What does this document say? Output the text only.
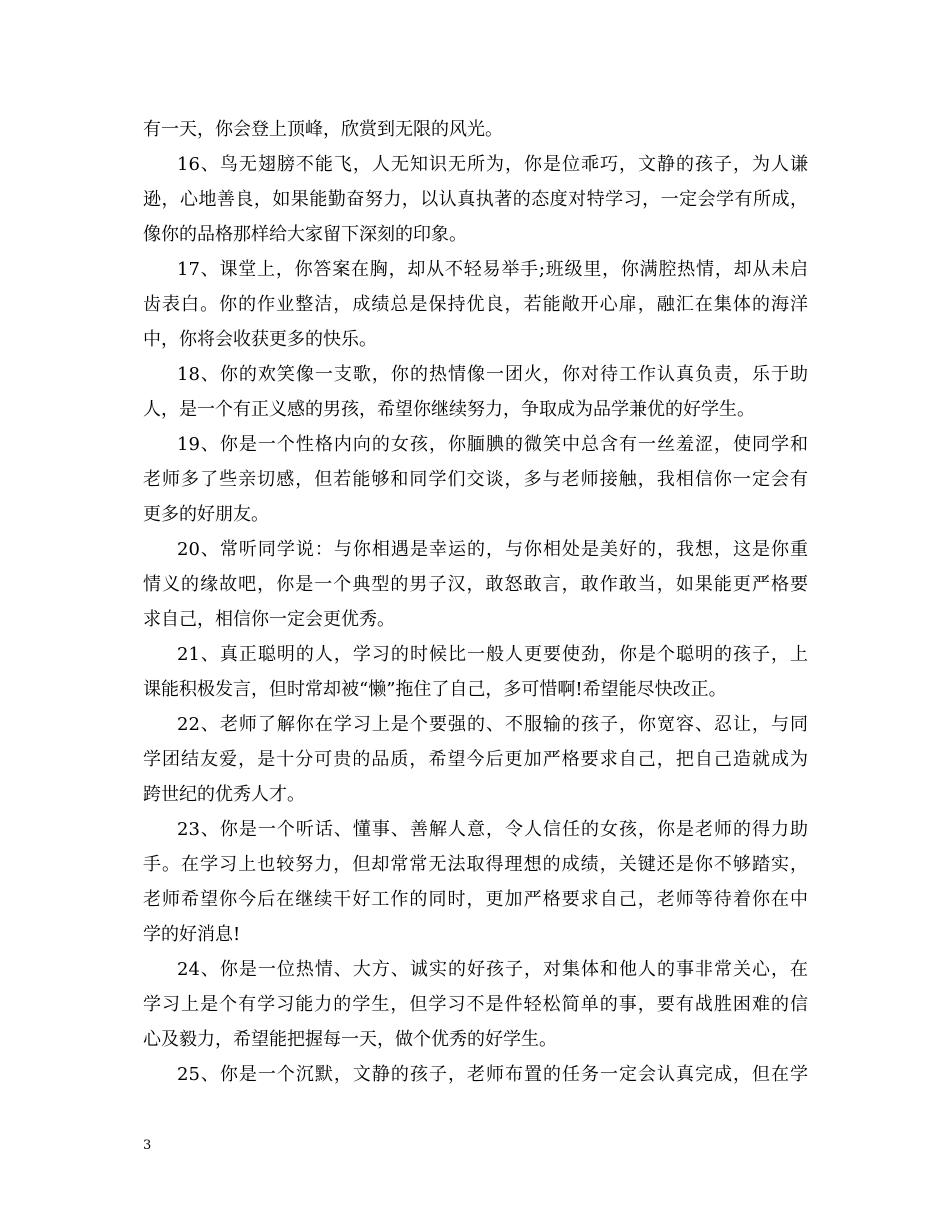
有一天，你会登上顶峰，欣赏到无限的风光。
16、鸟无翅膀不能飞，人无知识无所为，你是位乖巧，文静的孩子，为人谦
逊，心地善良，如果能勤奋努力，以认真执著的态度对特学习，一定会学有所成，
像你的品格那样给大家留下深刻的印象。
17、课堂上，你答案在胸，却从不轻易举手;班级里，你满腔热情，却从未启
齿表白。你的作业整洁，成绩总是保持优良，若能敞开心扉，融汇在集体的海洋
中，你将会收获更多的快乐。
18、你的欢笑像一支歌，你的热情像一团火，你对待工作认真负责，乐于助
人，是一个有正义感的男孩，希望你继续努力，争取成为品学兼优的好学生。
19、你是一个性格内向的女孩，你腼腆的微笑中总含有一丝羞涩，使同学和
老师多了些亲切感，但若能够和同学们交谈，多与老师接触，我相信你一定会有
更多的好朋友。
20、常听同学说：与你相遇是幸运的，与你相处是美好的，我想，这是你重
情义的缘故吧，你是一个典型的男子汉，敢怒敢言，敢作敢当，如果能更严格要
求自己，相信你一定会更优秀。
21、真正聪明的人，学习的时候比一般人更要使劲，你是个聪明的孩子，上
课能积极发言，但时常却被“懒”拖住了自己，多可惜啊!希望能尽快改正。
22、老师了解你在学习上是个要强的、不服输的孩子，你宽容、忍让，与同
学团结友爱，是十分可贵的品质，希望今后更加严格要求自己，把自己造就成为
跨世纪的优秀人才。
23、你是一个听话、懂事、善解人意，令人信任的女孩，你是老师的得力助
手。在学习上也较努力，但却常常无法取得理想的成绩，关键还是你不够踏实，
老师希望你今后在继续干好工作的同时，更加严格要求自己，老师等待着你在中
学的好消息!
24、你是一位热情、大方、诚实的好孩子，对集体和他人的事非常关心，在
学习上是个有学习能力的学生，但学习不是件轻松简单的事，要有战胜困难的信
心及毅力，希望能把握每一天，做个优秀的好学生。
25、你是一个沉默，文静的孩子，老师布置的任务一定会认真完成，但在学
3
